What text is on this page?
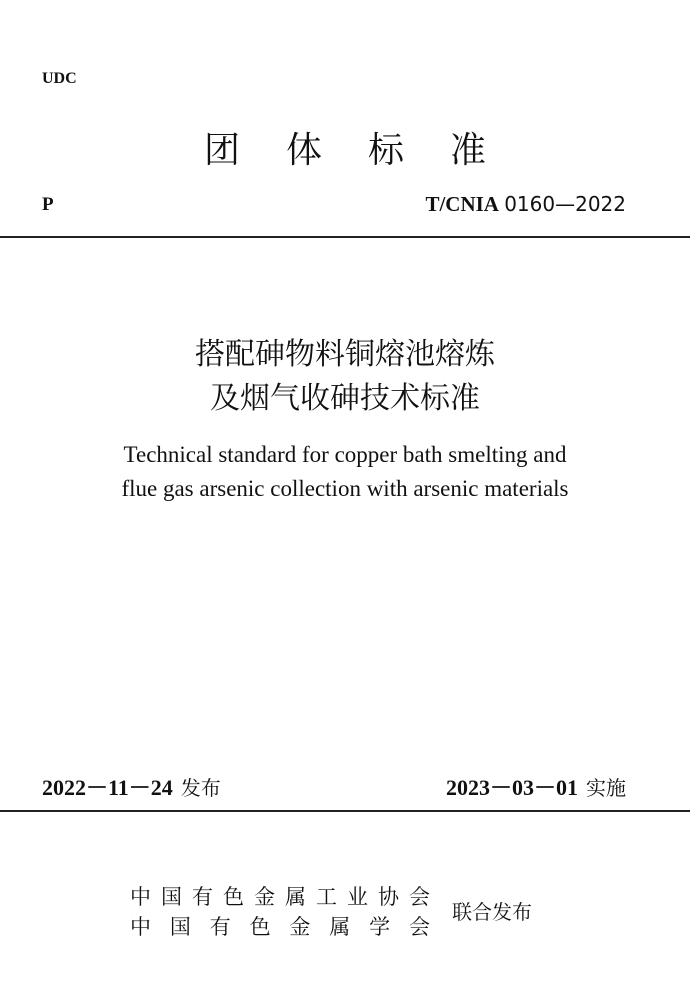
UDC
团体标准
P	T/CNIA 0160—2022
搭配砷物料铜熔池熔炼
及烟气收砷技术标准
Technical standard for copper bath smelting and
flue gas arsenic collection with arsenic materials
2022－11－24 发布	2023－03－01 实施
中国有色金属工业协会
中国有色金属学会
联合发布
